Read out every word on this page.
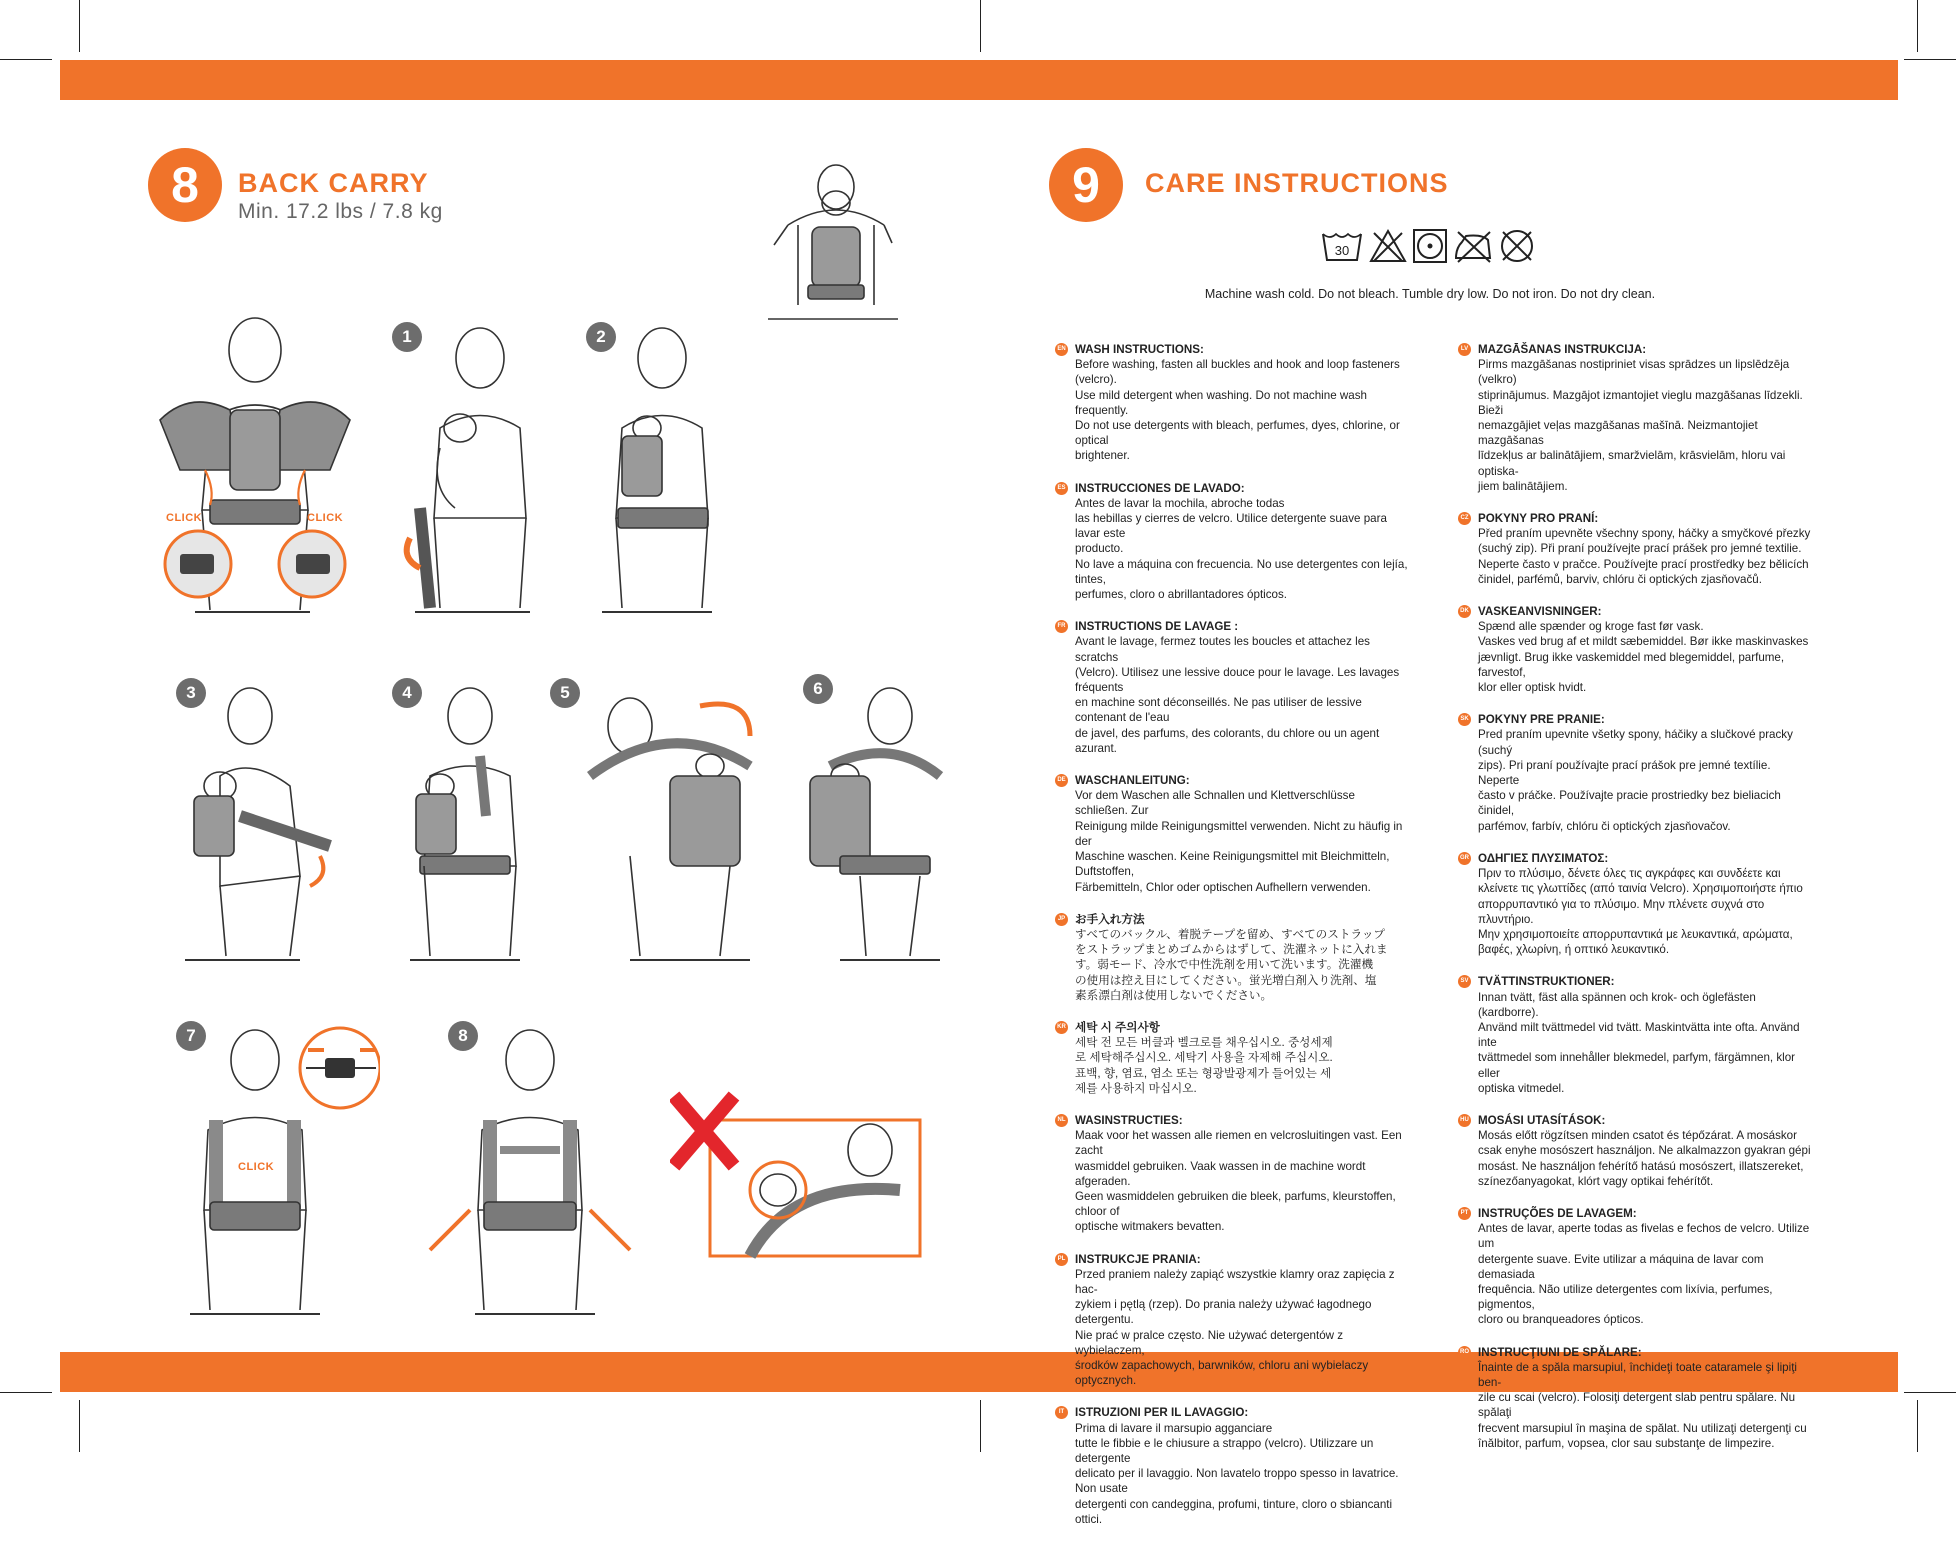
8	BACK CARRY
Min. 17.2 lbs / 7.8 kg
CLICK	CLICK
1	2
3	4	5	6
7	8
CLICK
9	CARE INSTRUCTIONS
30
Machine wash cold. Do not bleach. Tumble dry low. Do not iron. Do not dry clean.
EN WASH INSTRUCTIONS:
Before washing, fasten all buckles and hook and loop fasteners (velcro).
Use mild detergent when washing. Do not machine wash frequently.
Do not use detergents with bleach, perfumes, dyes, chlorine, or optical
brightener.
ES INSTRUCCIONES DE LAVADO:
Antes de lavar la mochila, abroche todas
las hebillas y cierres de velcro. Utilice detergente suave para lavar este
producto.
No lave a máquina con frecuencia. No use detergentes con lejía, tintes,
perfumes, cloro o abrillantadores ópticos.
FR INSTRUCTIONS DE LAVAGE :
Avant le lavage, fermez toutes les boucles et attachez les scratchs
(Velcro). Utilisez une lessive douce pour le lavage. Les lavages fréquents
en machine sont déconseillés. Ne pas utiliser de lessive contenant de l'eau
de javel, des parfums, des colorants, du chlore ou un agent azurant.
DE WASCHANLEITUNG:
Vor dem Waschen alle Schnallen und Klettverschlüsse schließen. Zur
Reinigung milde Reinigungsmittel verwenden. Nicht zu häufig in der
Maschine waschen. Keine Reinigungsmittel mit Bleichmitteln, Duftstoffen,
Färbemitteln, Chlor oder optischen Aufhellern verwenden.
JP お手入れ方法
すべてのバックル、着脱テープを留め、すべてのストラップ
をストラップまとめゴムからはずして、洗濯ネットに入れま
す。弱モード、冷水で中性洗剤を用いて洗います。洗濯機
の使用は控え目にしてください。蛍光増白剤入り洗剤、塩
素系漂白剤は使用しないでください。
KR 세탁 시 주의사항
세탁 전 모든 버클과 벨크로를 채우십시오. 중성세제
로 세탁해주십시오. 세탁기 사용을 자제해 주십시오.
표백, 향, 염료, 염소 또는 형광발광제가 들어있는 세
제를 사용하지 마십시오.
NL WASINSTRUCTIES:
Maak voor het wassen alle riemen en velcrosluitingen vast. Een zacht
wasmiddel gebruiken. Vaak wassen in de machine wordt afgeraden.
Geen wasmiddelen gebruiken die bleek, parfums, kleurstoffen, chloor of
optische witmakers bevatten.
PL INSTRUKCJE PRANIA:
Przed praniem należy zapiąć wszystkie klamry oraz zapięcia z hac-
zykiem i pętlą (rzep). Do prania należy używać łagodnego detergentu.
Nie prać w pralce często. Nie używać detergentów z wybielaczem,
środków zapachowych, barwników, chloru ani wybielaczy optycznych.
IT ISTRUZIONI PER IL LAVAGGIO:
Prima di lavare il marsupio agganciare
tutte le fibbie e le chiusure a strappo (velcro). Utilizzare un detergente
delicato per il lavaggio. Non lavatelo troppo spesso in lavatrice. Non usate
detergenti con candeggina, profumi, tinture, cloro o sbiancanti ottici.
LV MAZGĀŠANAS INSTRUKCIJA:
Pirms mazgāšanas nostipriniet visas sprādzes un lipslēdzēja (velkro)
stiprinājumus. Mazgājot izmantojiet vieglu mazgāšanas līdzekli. Bieži
nemazgājiet veļas mazgāšanas mašīnā. Neizmantojiet mazgāšanas
līdzekļus ar balinātājiem, smaržvielām, krāsvielām, hloru vai optiska-
jiem balinātājiem.
CZ POKYNY PRO PRANÍ:
Před praním upevněte všechny spony, háčky a smyčkové přezky
(suchý zip). Při praní používejte prací prášek pro jemné textilie.
Neperte často v pračce. Používejte prací prostředky bez bělicích
činidel, parfémů, barviv, chlóru či optických zjasňovačů.
DK VASKEANVISNINGER:
Spænd alle spænder og kroge fast før vask.
Vaskes ved brug af et mildt sæbemiddel. Bør ikke maskinvaskes
jævnligt. Brug ikke vaskemiddel med blegemiddel, parfume, farvestof,
klor eller optisk hvidt.
SK POKYNY PRE PRANIE:
Pred praním upevnite všetky spony, háčiky a slučkové pracky (suchý
zips). Pri praní používajte prací prášok pre jemné textílie. Neperte
často v práčke. Používajte pracie prostriedky bez bieliacich činidel,
parfémov, farbív, chlóru či optických zjasňovačov.
GR ΟΔΗΓΙΕΣ ΠΛΥΣΙΜΑΤΟΣ:
Πριν το πλύσιμο, δένετε όλες τις αγκράφες και συνδέετε και
κλείνετε τις γλωττίδες (από ταινία Velcro). Χρησιμοποιήστε ήπιο
απορρυπαντικό για το πλύσιμο. Μην πλένετε συχνά στο πλυντήριο.
Μην χρησιμοποιείτε απορρυπαντικά με λευκαντικά, αρώματα,
βαφές, χλωρίνη, ή οπτικό λευκαντικό.
SV TVÄTTINSTRUKTIONER:
Innan tvätt, fäst alla spännen och krok- och öglefästen (kardborre).
Använd milt tvättmedel vid tvätt. Maskintvätta inte ofta. Använd inte
tvättmedel som innehåller blekmedel, parfym, färgämnen, klor eller
optiska vitmedel.
HU MOSÁSI UTASÍTÁSOK:
Mosás előtt rögzítsen minden csatot és tépőzárat. A mosáskor
csak enyhe mosószert használjon. Ne alkalmazzon gyakran gépi
mosást. Ne használjon fehérítő hatású mosószert, illatszereket,
színezőanyagokat, klórt vagy optikai fehérítőt.
PT INSTRUÇÕES DE LAVAGEM:
Antes de lavar, aperte todas as fivelas e fechos de velcro. Utilize um
detergente suave. Evite utilizar a máquina de lavar com demasiada
frequência. Não utilize detergentes com lixívia, perfumes, pigmentos,
cloro ou branqueadores ópticos.
RO INSTRUCŢIUNI DE SPĂLARE:
Înainte de a spăla marsupiul, închideţi toate cataramele şi lipiţi ben-
zile cu scai (velcro). Folosiţi detergent slab pentru spălare. Nu spălaţi
frecvent marsupiul în maşina de spălat. Nu utilizaţi detergenţi cu
înălbitor, parfum, vopsea, clor sau substanţe de limpezire.
